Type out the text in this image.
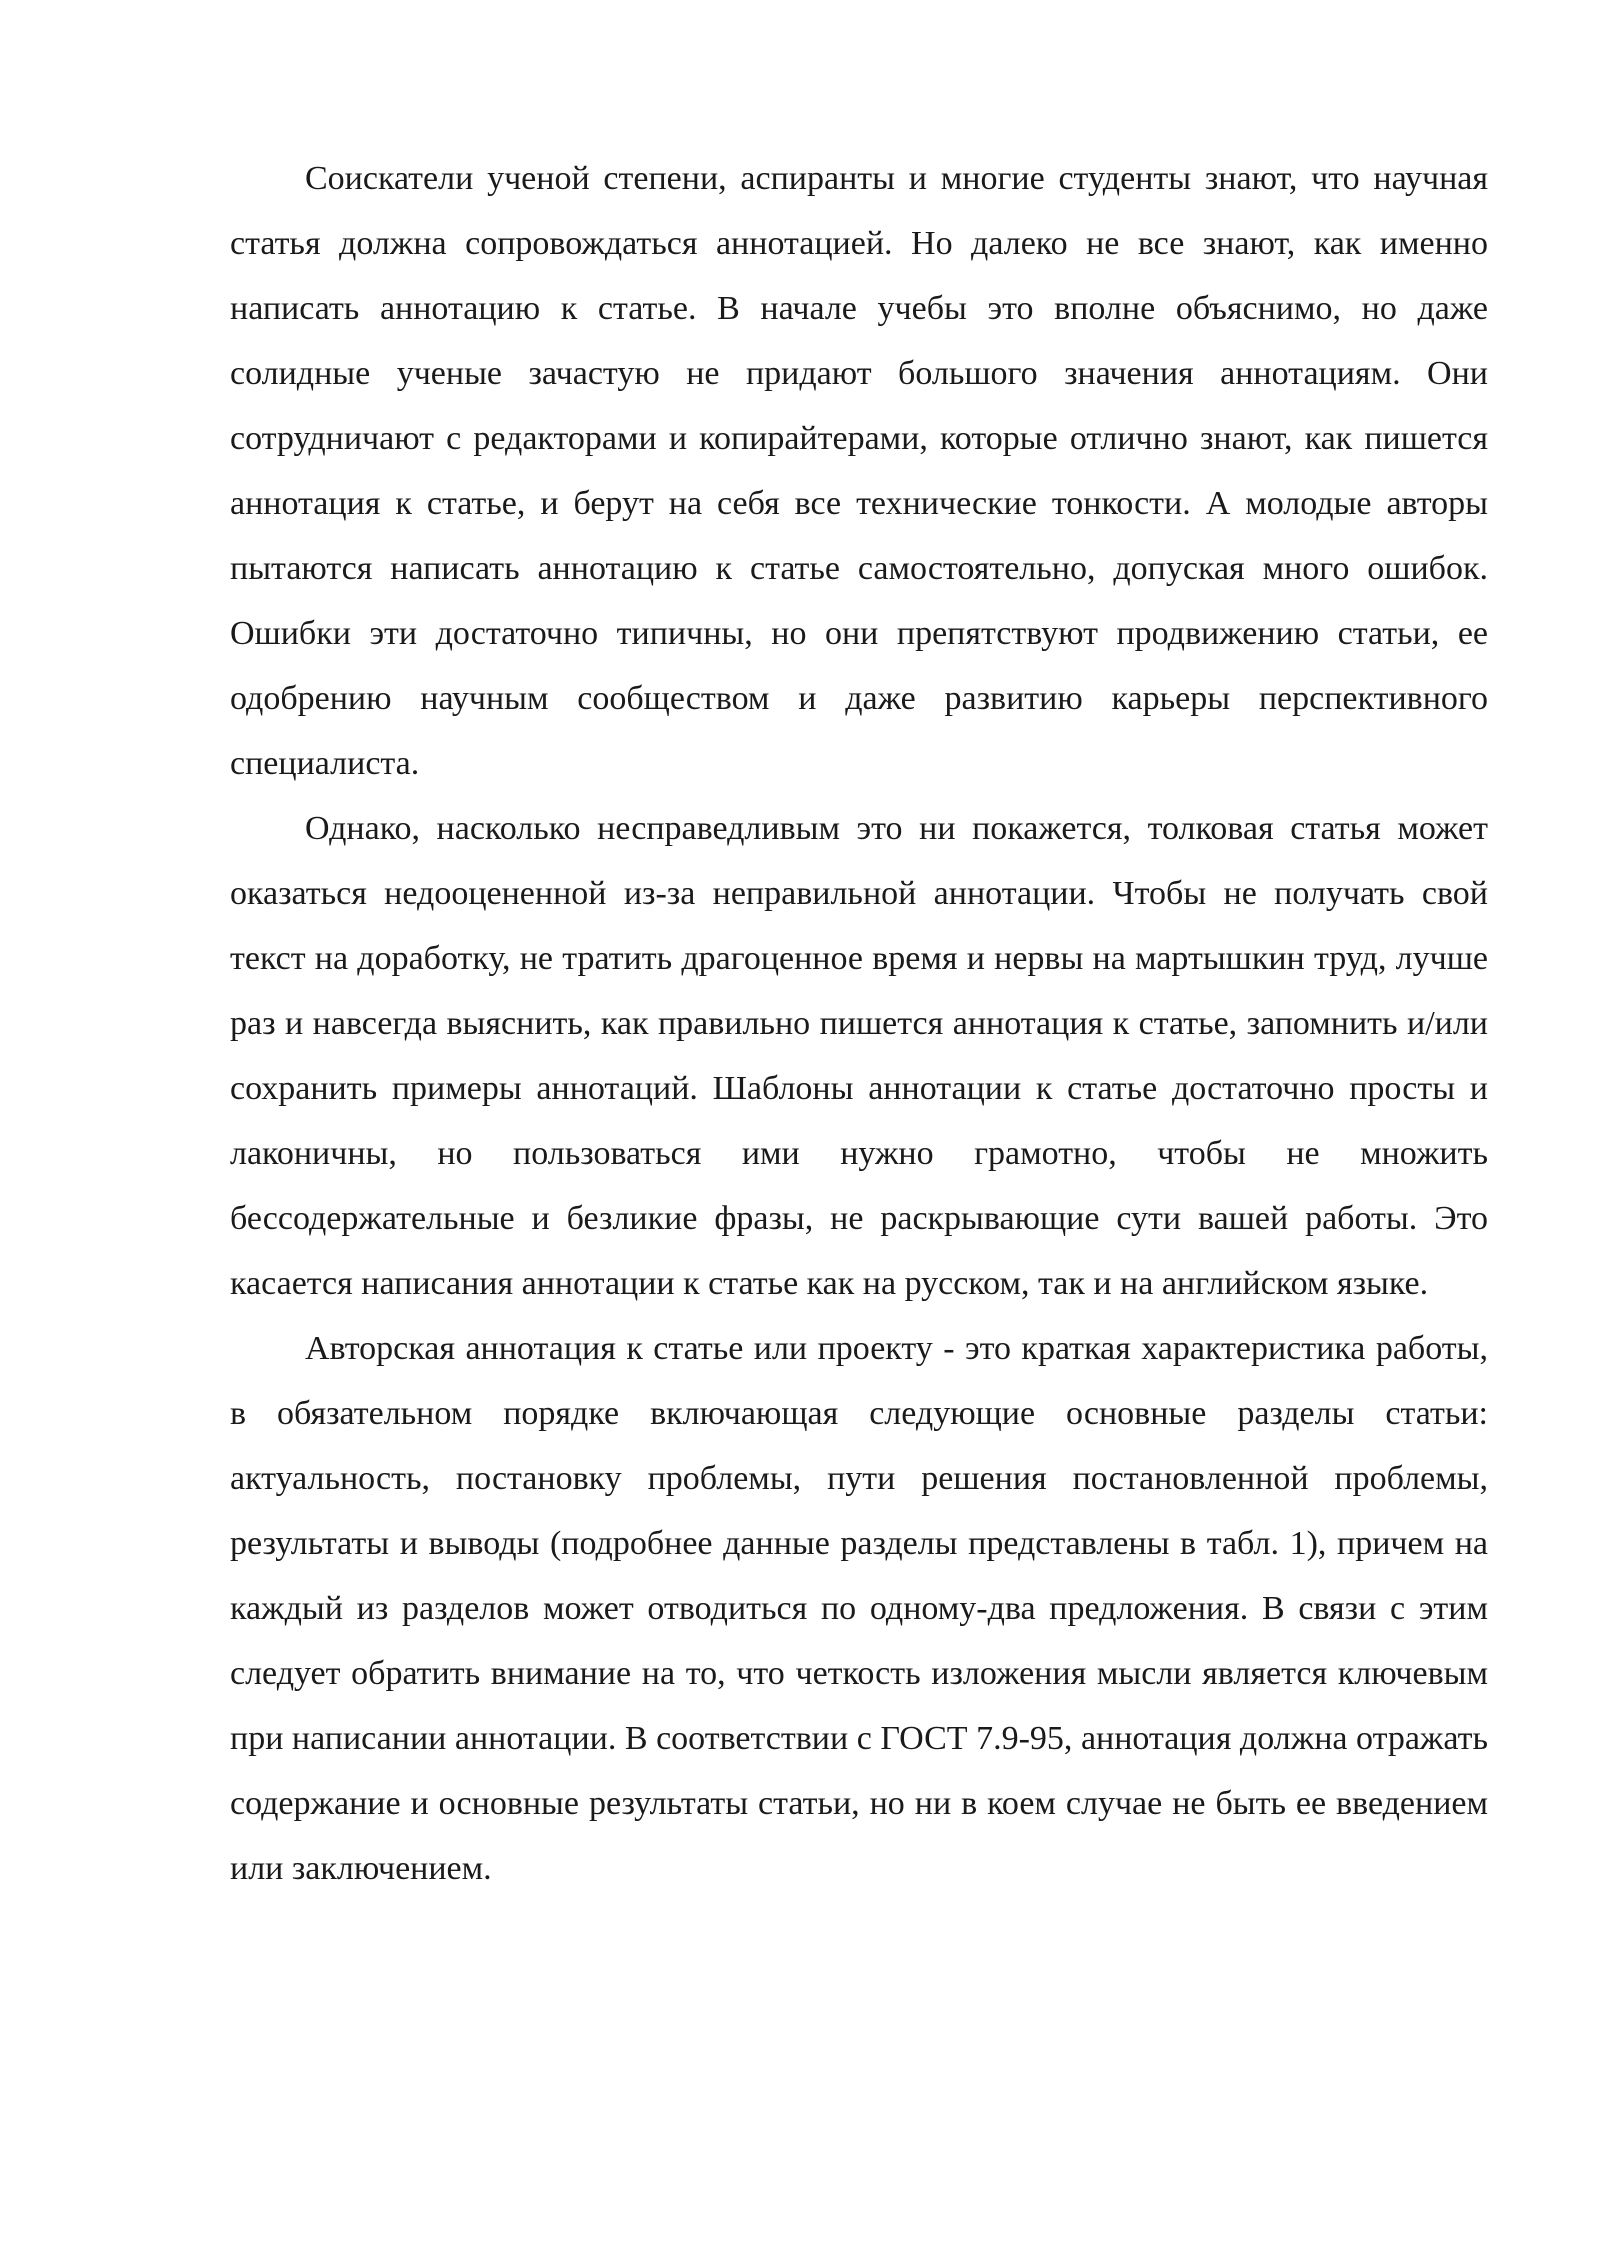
Соискатели ученой степени, аспиранты и многие студенты знают, что научная статья должна сопровождаться аннотацией. Но далеко не все знают, как именно написать аннотацию к статье. В начале учебы это вполне объяснимо, но даже солидные ученые зачастую не придают большого значения аннотациям. Они сотрудничают с редакторами и копирайтерами, которые отлично знают, как пишется аннотация к статье, и берут на себя все технические тонкости. А молодые авторы пытаются написать аннотацию к статье самостоятельно, допуская много ошибок. Ошибки эти достаточно типичны, но они препятствуют продвижению статьи, ее одобрению научным сообществом и даже развитию карьеры перспективного специалиста.

Однако, насколько несправедливым это ни покажется, толковая статья может оказаться недооцененной из-за неправильной аннотации. Чтобы не получать свой текст на доработку, не тратить драгоценное время и нервы на мартышкин труд, лучше раз и навсегда выяснить, как правильно пишется аннотация к статье, запомнить и/или сохранить примеры аннотаций. Шаблоны аннотации к статье достаточно просты и лаконичны, но пользоваться ими нужно грамотно, чтобы не множить бессодержательные и безликие фразы, не раскрывающие сути вашей работы. Это касается написания аннотации к статье как на русском, так и на английском языке.

Авторская аннотация к статье или проекту - это краткая характеристика работы, в обязательном порядке включающая следующие основные разделы статьи: актуальность, постановку проблемы, пути решения постановленной проблемы, результаты и выводы (подробнее данные разделы представлены в табл. 1), причем на каждый из разделов может отводиться по одному-два предложения. В связи с этим следует обратить внимание на то, что четкость изложения мысли является ключевым при написании аннотации. В соответствии с ГОСТ 7.9-95, аннотация должна отражать содержание и основные результаты статьи, но ни в коем случае не быть ее введением или заключением.
